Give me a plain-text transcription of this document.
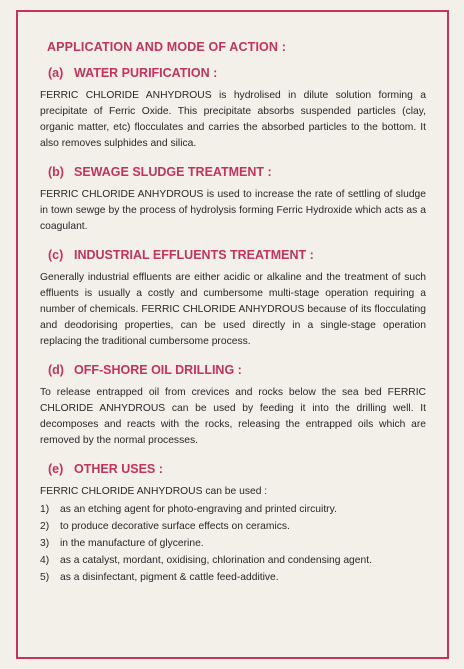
APPLICATION AND MODE OF ACTION :
(a) WATER PURIFICATION :
FERRIC CHLORIDE ANHYDROUS is hydrolised in dilute solution forming a precipitate of Ferric Oxide. This precipitate absorbs suspended particles (clay, organic matter, etc) flocculates and carries the absorbed particles to the bottom. It also removes sulphides and silica.
(b) SEWAGE SLUDGE TREATMENT :
FERRIC CHLORIDE ANHYDROUS is used to increase the rate of settling of sludge in town sewge by the process of hydrolysis forming Ferric Hydroxide which acts as a coagulant.
(c) INDUSTRIAL EFFLUENTS TREATMENT :
Generally industrial effluents are either acidic or alkaline and the treatment of such effluents is usually a costly and cumbersome multi-stage operation requiring a number of chemicals. FERRIC CHLORIDE ANHYDROUS because of its flocculating and deodorising properties, can be used directly in a single-stage operation replacing the traditional cumbersome process.
(d) OFF-SHORE OIL DRILLING :
To release entrapped oil from crevices and rocks below the sea bed FERRIC CHLORIDE ANHYDROUS can be used by feeding it into the drilling well. It decomposes and reacts with the rocks, releasing the entrapped oils which are removed by the normal processes.
(e) OTHER USES :
FERRIC CHLORIDE ANHYDROUS can be used :
1) as an etching agent for photo-engraving and printed circuitry.
2) to produce decorative surface effects on ceramics.
3) in the manufacture of glycerine.
4) as a catalyst, mordant, oxidising, chlorination and condensing agent.
5) as a disinfectant, pigment & cattle feed-additive.
